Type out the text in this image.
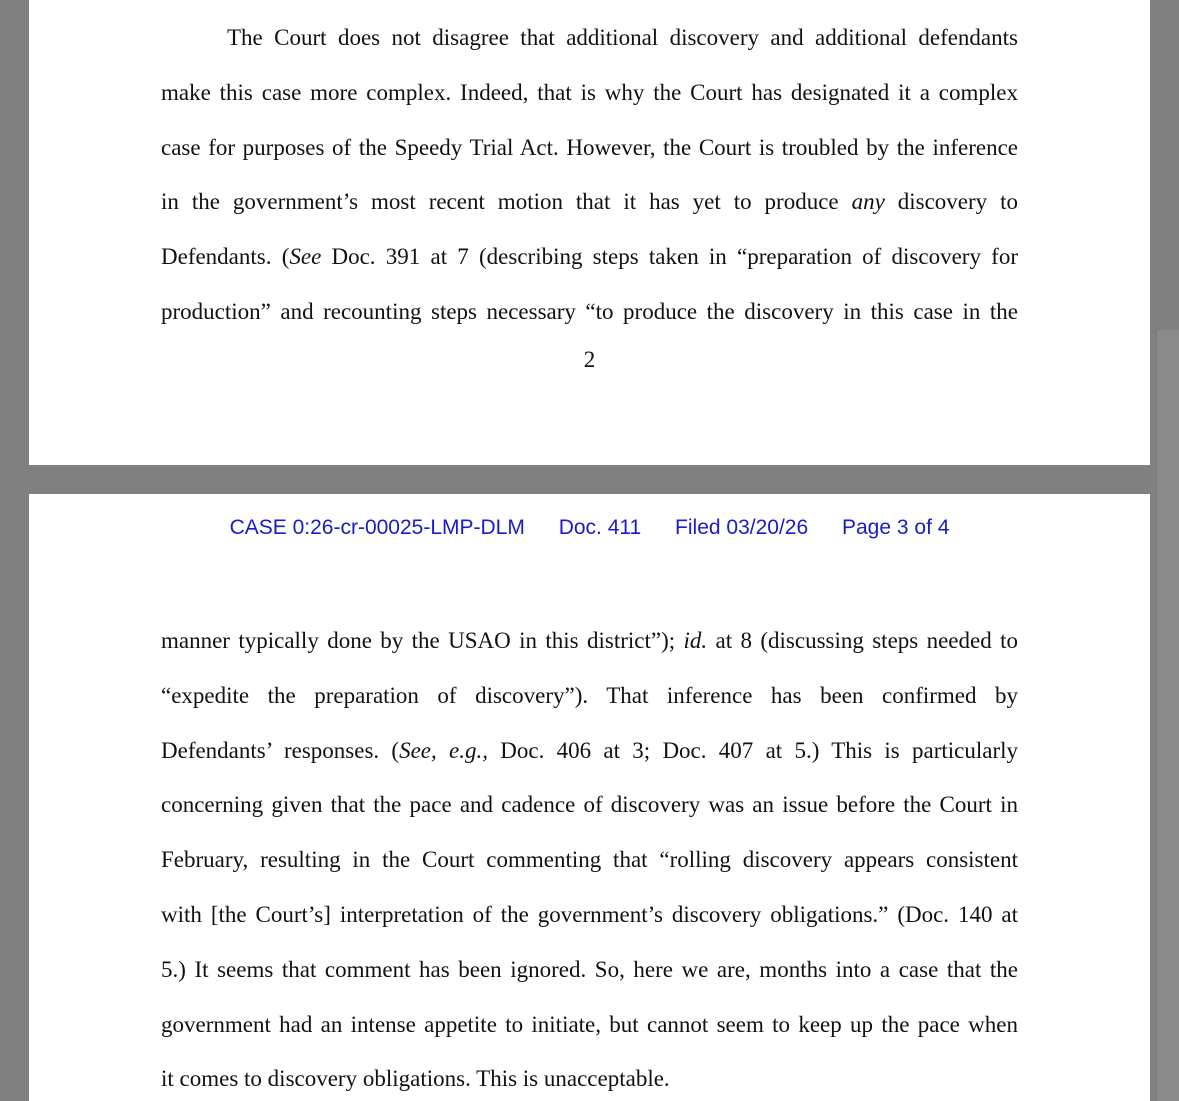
The Court does not disagree that additional discovery and additional defendants
make this case more complex. Indeed, that is why the Court has designated it a complex
case for purposes of the Speedy Trial Act. However, the Court is troubled by the inference
in the government’s most recent motion that it has yet to produce any discovery to
Defendants. (See Doc. 391 at 7 (describing steps taken in “preparation of discovery for
production” and recounting steps necessary “to produce the discovery in this case in the
2
CASE 0:26-cr-00025-LMP-DLM Doc. 411 Filed 03/20/26 Page 3 of 4
manner typically done by the USAO in this district”); id. at 8 (discussing steps needed to
“expedite the preparation of discovery”). That inference has been confirmed by
Defendants’ responses. (See, e.g., Doc. 406 at 3; Doc. 407 at 5.) This is particularly
concerning given that the pace and cadence of discovery was an issue before the Court in
February, resulting in the Court commenting that “rolling discovery appears consistent
with [the Court’s] interpretation of the government’s discovery obligations.” (Doc. 140 at
5.) It seems that comment has been ignored. So, here we are, months into a case that the
government had an intense appetite to initiate, but cannot seem to keep up the pace when
it comes to discovery obligations. This is unacceptable.
